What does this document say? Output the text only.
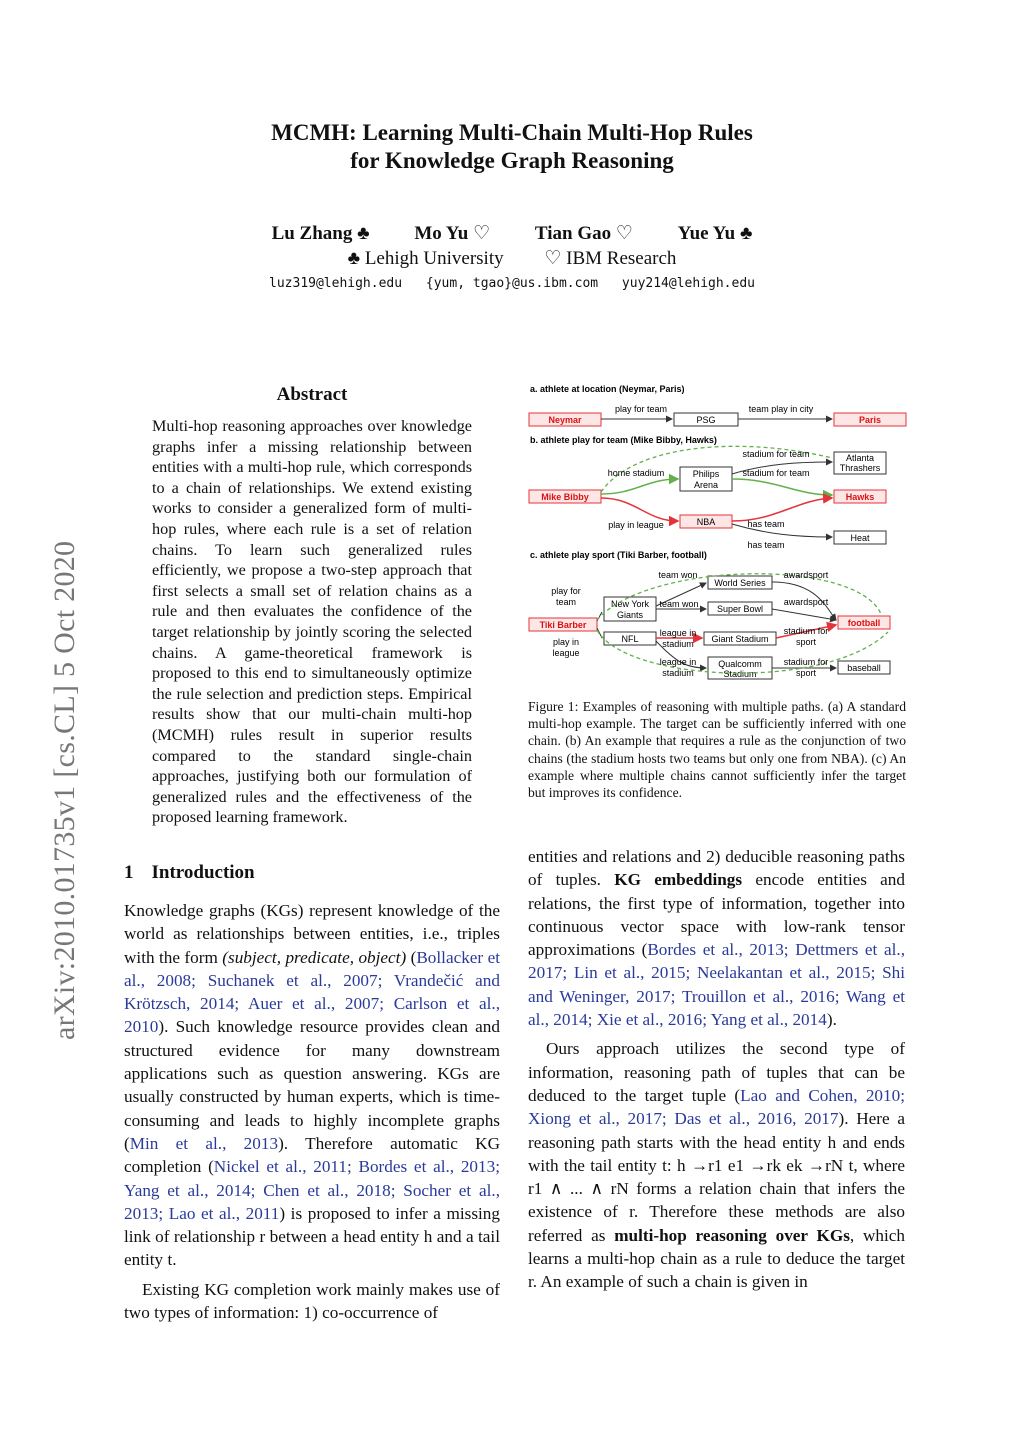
MCMH: Learning Multi-Chain Multi-Hop Rules
for Knowledge Graph Reasoning
Lu Zhang ♣ Mo Yu ♡ Tian Gao ♡ Yue Yu ♣
♣ Lehigh University ♡ IBM Research
luz319@lehigh.edu {yum, tgao}@us.ibm.com yuy214@lehigh.edu
arXiv:2010.01735v1 [cs.CL] 5 Oct 2020
Abstract
Multi-hop reasoning approaches over knowledge graphs infer a missing relationship between entities with a multi-hop rule, which corresponds to a chain of relationships. We extend existing works to consider a generalized form of multi-hop rules, where each rule is a set of relation chains. To learn such generalized rules efficiently, we propose a two-step approach that first selects a small set of relation chains as a rule and then evaluates the confidence of the target relationship by jointly scoring the selected chains. A game-theoretical framework is proposed to this end to simultaneously optimize the rule selection and prediction steps. Empirical results show that our multi-chain multi-hop (MCMH) rules result in superior results compared to the standard single-chain approaches, justifying both our formulation of generalized rules and the effectiveness of the proposed learning framework.
1 Introduction

Knowledge graphs (KGs) represent knowledge of the world as relationships between entities, i.e., triples with the form (subject, predicate, object) (Bollacker et al., 2008; Suchanek et al., 2007; Vrandečić and Krötzsch, 2014; Auer et al., 2007; Carlson et al., 2010). Such knowledge resource provides clean and structured evidence for many downstream applications such as question answering. KGs are usually constructed by human experts, which is time-consuming and leads to highly incomplete graphs (Min et al., 2013). Therefore automatic KG completion (Nickel et al., 2011; Bordes et al., 2013; Yang et al., 2014; Chen et al., 2018; Socher et al., 2013; Lao et al., 2011) is proposed to infer a missing link of relationship r between a head entity h and a tail entity t.

Existing KG completion work mainly makes use of two types of information: 1) co-occurrence of

entities and relations and 2) deducible reasoning paths of tuples. KG embeddings encode entities and relations, the first type of information, together into continuous vector space with low-rank tensor approximations (Bordes et al., 2013; Dettmers et al., 2017; Lin et al., 2015; Neelakantan et al., 2015; Shi and Weninger, 2017; Trouillon et al., 2016; Wang et al., 2014; Xie et al., 2016; Yang et al., 2014).

Ours approach utilizes the second type of information, reasoning path of tuples that can be deduced to the target tuple (Lao and Cohen, 2010; Xiong et al., 2017; Das et al., 2016, 2017). Here a reasoning path starts with the head entity h and ends with the tail entity t: h →r1 e1 →rk ek →rN t, where r1 ∧ ... ∧ rN forms a relation chain that infers the existence of r. Therefore these methods are also referred as multi-hop reasoning over KGs, which learns a multi-hop chain as a rule to deduce the target r. An example of such a chain is given in

a. athlete at location (Neymar, Paris)
Neymar	PSG	Paris
play for team	team play in city
b. athlete play for team (Mike Bibby, Hawks)
Mike Bibby
Philips
Arena
NBA
Atlanta
Thrashers
Hawks
Heat
home stadium
play in league
stadium for team
stadium for team
has team
has team
c. athlete play sport (Tiki Barber, football)
Tiki Barber
New York
Giants
NFL
World Series
Super Bowl
Giant Stadium
Qualcomm
Stadium
football
baseball
play for
team
play in
league
team won
team won
awardsport
awardsport
league in
stadium
league in
stadium
stadium for
sport
stadium for
sport
Figure 1: Examples of reasoning with multiple paths. (a) A standard multi-hop example. The target can be sufficiently inferred with one chain. (b) An example that requires a rule as the conjunction of two chains (the stadium hosts two teams but only one from NBA). (c) An example where multiple chains cannot sufficiently infer the target but improves its confidence.
